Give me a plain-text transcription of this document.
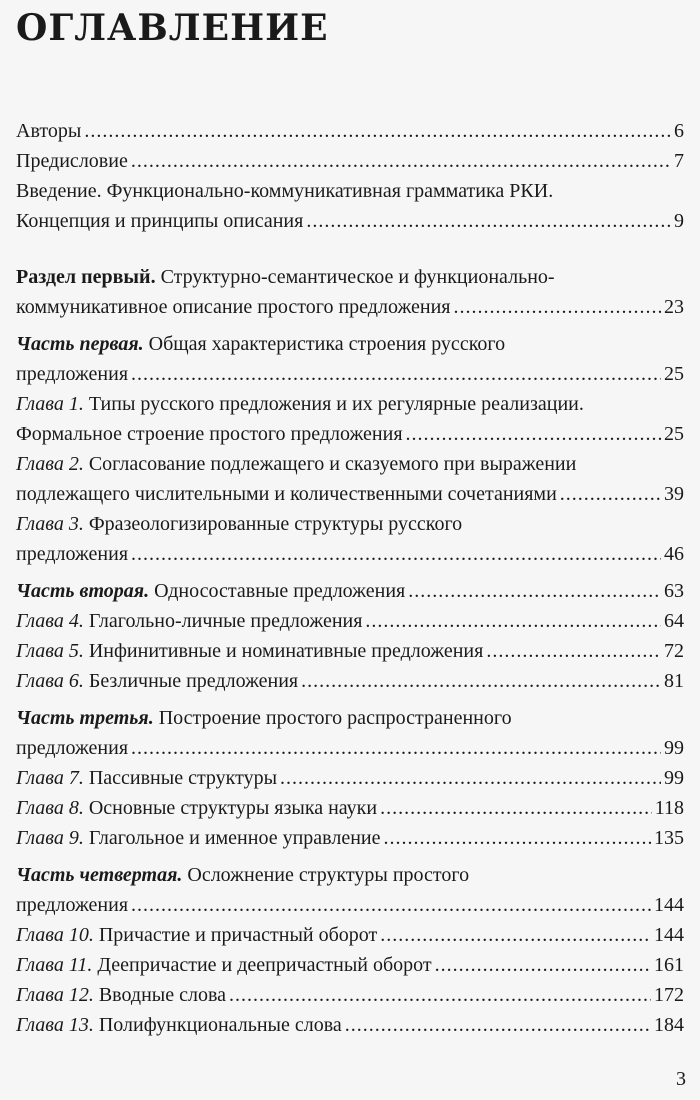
ОГЛАВЛЕНИЕ
Авторы .....	6
Предисловие .....	7
Введение. Функционально-коммуникативная грамматика РКИ.
Концепция и принципы описания .....	9
Раздел первый. Структурно-семантическое и функционально-
коммуникативное описание простого предложения .....	23
Часть первая. Общая характеристика строения русского
предложения .....	25
Глава 1. Типы русского предложения и их регулярные реализации.
Формальное строение простого предложения .....	25
Глава 2. Согласование подлежащего и сказуемого при выражении
подлежащего числительными и количественными сочетаниями .....	39
Глава 3. Фразеологизированные структуры русского
предложения .....	46
Часть вторая. Односоставные предложения .....	63
Глава 4. Глагольно-личные предложения .....	64
Глава 5. Инфинитивные и номинативные предложения .....	72
Глава 6. Безличные предложения .....	81
Часть третья. Построение простого распространенного
предложения .....	99
Глава 7. Пассивные структуры .....	99
Глава 8. Основные структуры языка науки .....	118
Глава 9. Глагольное и именное управление .....	135
Часть четвертая. Осложнение структуры простого
предложения .....	144
Глава 10. Причастие и причастный оборот .....	144
Глава 11. Деепричастие и деепричастный оборот .....	161
Глава 12. Вводные слова .....	172
Глава 13. Полифункциональные слова .....	184
3
